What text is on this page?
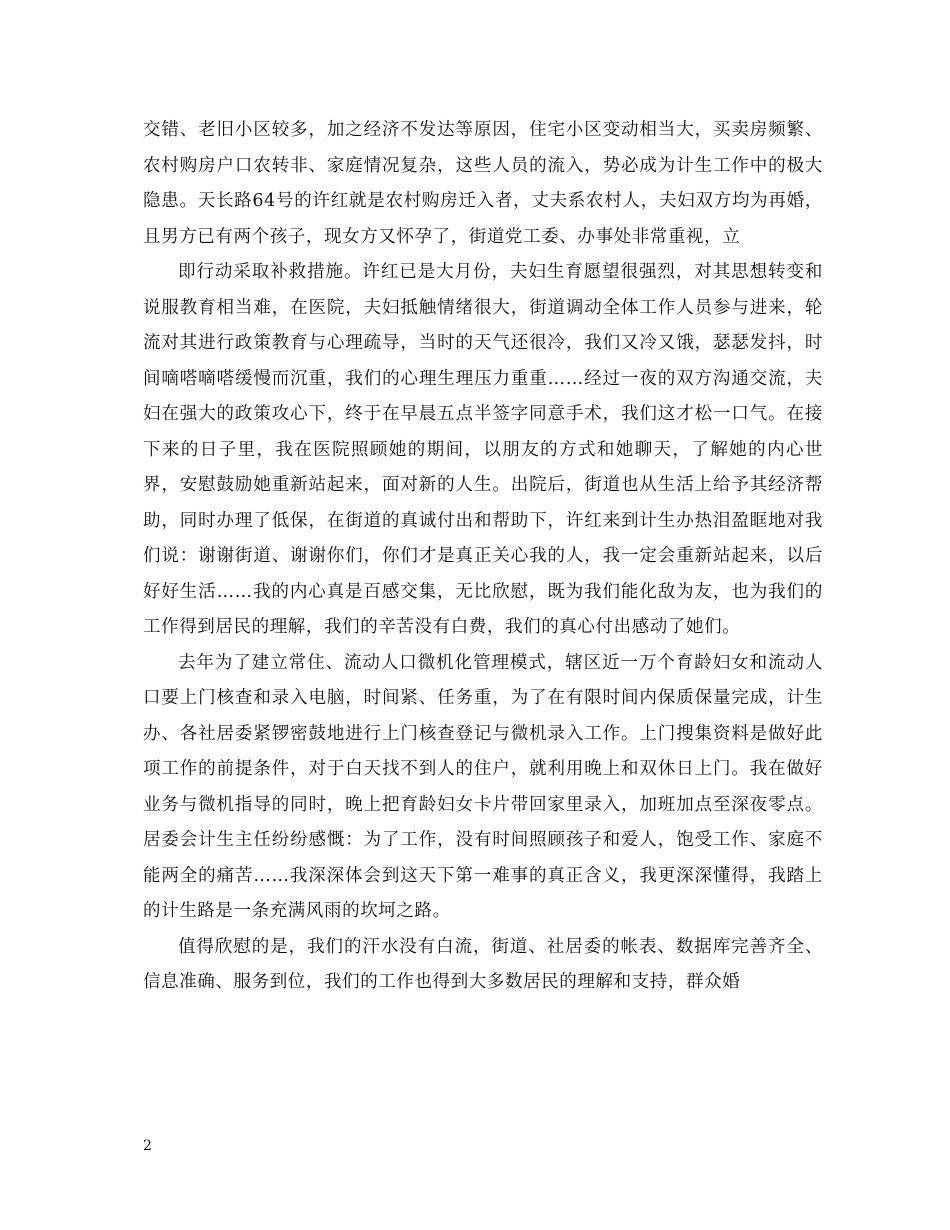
交错、老旧小区较多，加之经济不发达等原因，住宅小区变动相当大，买卖房频繁、农村购房户口农转非、家庭情况复杂，这些人员的流入，势必成为计生工作中的极大隐患。天长路64号的许红就是农村购房迁入者，丈夫系农村人，夫妇双方均为再婚，且男方已有两个孩子，现女方又怀孕了，街道党工委、办事处非常重视，立

即行动采取补救措施。许红已是大月份，夫妇生育愿望很强烈，对其思想转变和说服教育相当难，在医院，夫妇抵触情绪很大，街道调动全体工作人员参与进来，轮流对其进行政策教育与心理疏导，当时的天气还很冷，我们又冷又饿，瑟瑟发抖，时间嘀嗒嘀嗒缓慢而沉重，我们的心理生理压力重重……经过一夜的双方沟通交流，夫妇在强大的政策攻心下，终于在早晨五点半签字同意手术，我们这才松一口气。在接下来的日子里，我在医院照顾她的期间，以朋友的方式和她聊天，了解她的内心世界，安慰鼓励她重新站起来，面对新的人生。出院后，街道也从生活上给予其经济帮助，同时办理了低保，在街道的真诚付出和帮助下，许红来到计生办热泪盈眶地对我们说：谢谢街道、谢谢你们，你们才是真正关心我的人，我一定会重新站起来，以后好好生活……我的内心真是百感交集，无比欣慰，既为我们能化敌为友，也为我们的工作得到居民的理解，我们的辛苦没有白费，我们的真心付出感动了她们。

去年为了建立常住、流动人口微机化管理模式，辖区近一万个育龄妇女和流动人口要上门核查和录入电脑，时间紧、任务重，为了在有限时间内保质保量完成，计生办、各社居委紧锣密鼓地进行上门核查登记与微机录入工作。上门搜集资料是做好此项工作的前提条件，对于白天找不到人的住户，就利用晚上和双休日上门。我在做好业务与微机指导的同时，晚上把育龄妇女卡片带回家里录入，加班加点至深夜零点。居委会计生主任纷纷感慨：为了工作，没有时间照顾孩子和爱人，饱受工作、家庭不能两全的痛苦……我深深体会到这天下第一难事的真正含义，我更深深懂得，我踏上的计生路是一条充满风雨的坎坷之路。

值得欣慰的是，我们的汗水没有白流，街道、社居委的帐表、数据库完善齐全、信息准确、服务到位，我们的工作也得到大多数居民的理解和支持，群众婚

2
